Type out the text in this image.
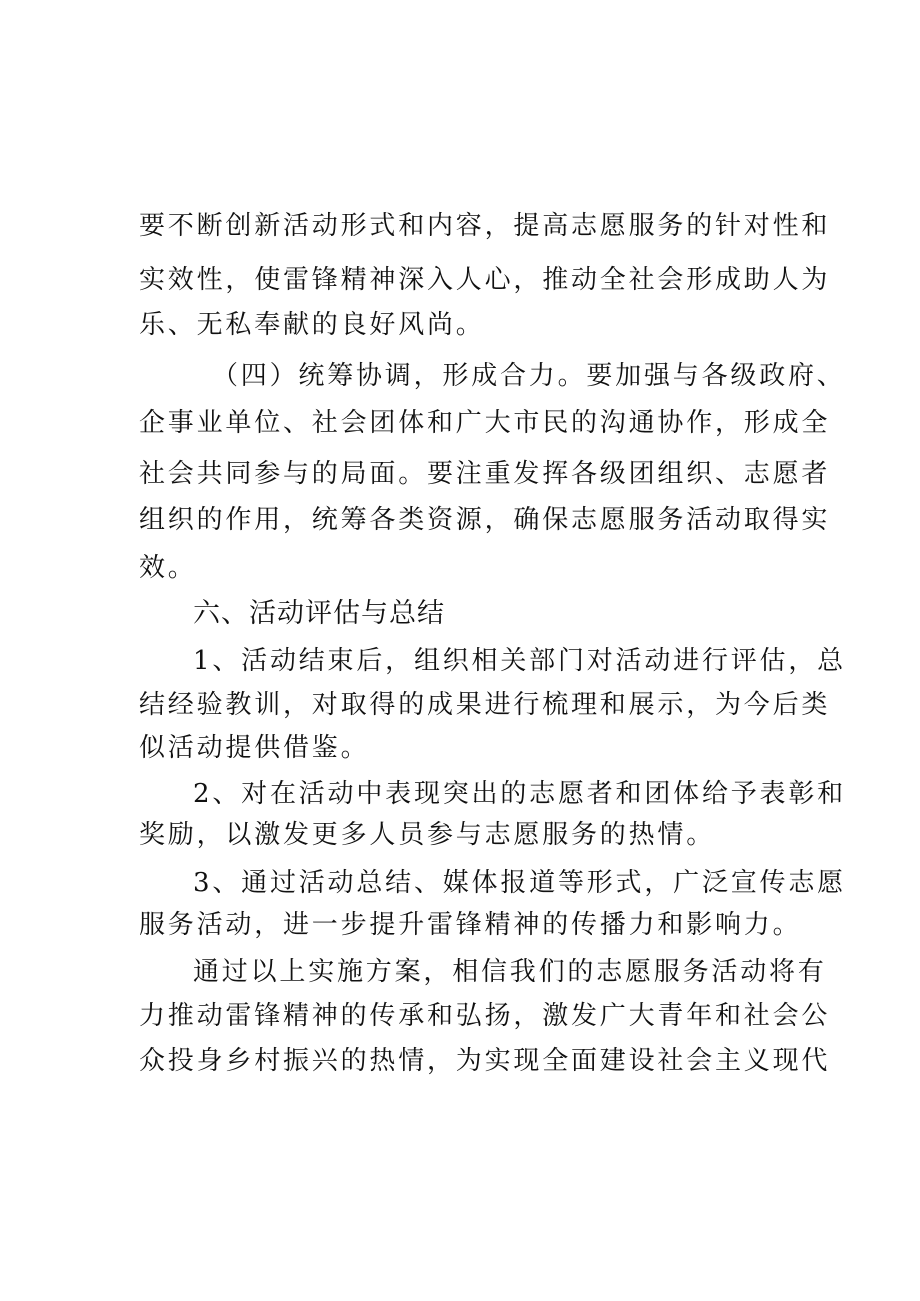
要不断创新活动形式和内容，提高志愿服务的针对性和
实效性，使雷锋精神深入人心，推动全社会形成助人为
乐、无私奉献的良好风尚。
（四）统筹协调，形成合力。要加强与各级政府、
企事业单位、社会团体和广大市民的沟通协作，形成全
社会共同参与的局面。要注重发挥各级团组织、志愿者
组织的作用，统筹各类资源，确保志愿服务活动取得实
效。
六、活动评估与总结
1、活动结束后，组织相关部门对活动进行评估，总
结经验教训，对取得的成果进行梳理和展示，为今后类
似活动提供借鉴。
2、对在活动中表现突出的志愿者和团体给予表彰和
奖励，以激发更多人员参与志愿服务的热情。
3、通过活动总结、媒体报道等形式，广泛宣传志愿
服务活动，进一步提升雷锋精神的传播力和影响力。
通过以上实施方案，相信我们的志愿服务活动将有
力推动雷锋精神的传承和弘扬，激发广大青年和社会公
众投身乡村振兴的热情，为实现全面建设社会主义现代
